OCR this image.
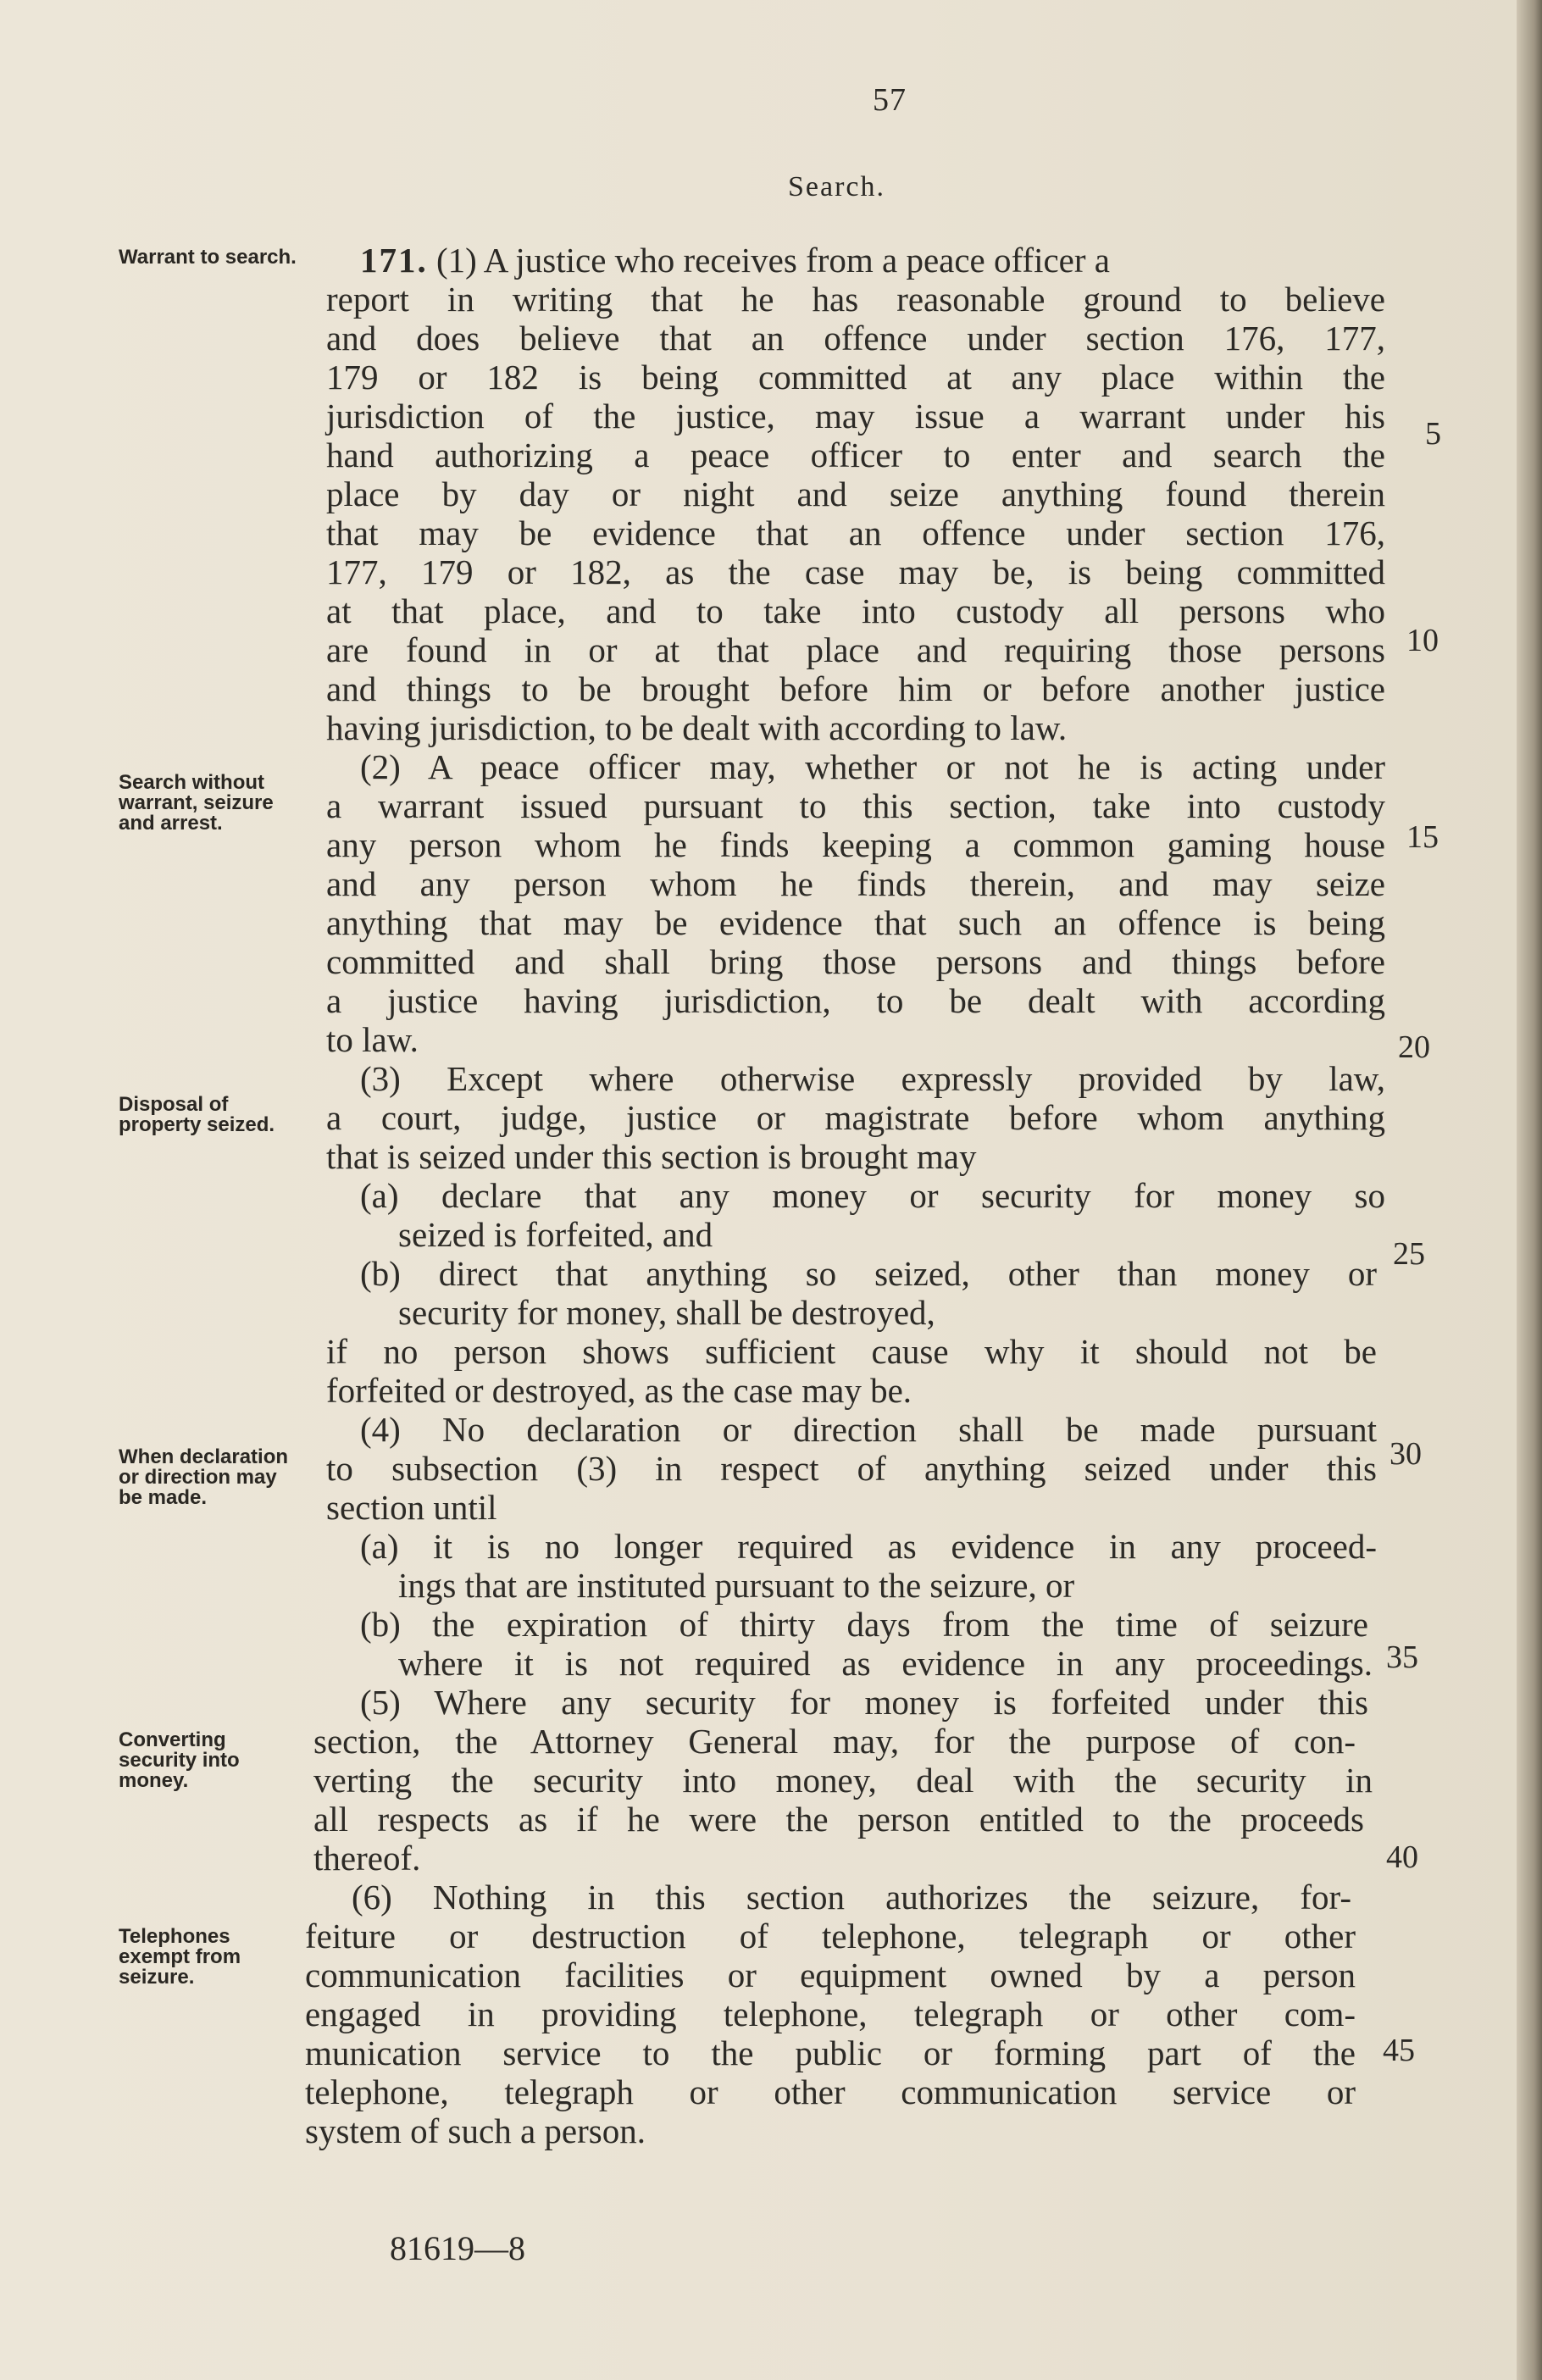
57
Search.
Warrant to search.
Search without warrant, seizure and arrest.
Disposal of property seized.
When declaration or direction may be made.
Converting security into money.
Telephones exempt from seizure.
171. (1) A justice who receives from a peace officer a
report in writing that he has reasonable ground to believe
and does believe that an offence under section 176, 177,
179 or 182 is being committed at any place within the
jurisdiction of the justice, may issue a warrant under his
hand authorizing a peace officer to enter and search the
place by day or night and seize anything found therein
that may be evidence that an offence under section 176,
177, 179 or 182, as the case may be, is being committed
at that place, and to take into custody all persons who
are found in or at that place and requiring those persons
and things to be brought before him or before another justice
having jurisdiction, to be dealt with according to law.
(2) A peace officer may, whether or not he is acting under
a warrant issued pursuant to this section, take into custody
any person whom he finds keeping a common gaming house
and any person whom he finds therein, and may seize
anything that may be evidence that such an offence is being
committed and shall bring those persons and things before
a justice having jurisdiction, to be dealt with according
to law.
(3) Except where otherwise expressly provided by law,
a court, judge, justice or magistrate before whom anything
that is seized under this section is brought may
(a) declare that any money or security for money so
seized is forfeited, and
(b) direct that anything so seized, other than money or
security for money, shall be destroyed,
if no person shows sufficient cause why it should not be
forfeited or destroyed, as the case may be.
(4) No declaration or direction shall be made pursuant
to subsection (3) in respect of anything seized under this
section until
(a) it is no longer required as evidence in any proceed-
ings that are instituted pursuant to the seizure, or
(b) the expiration of thirty days from the time of seizure
where it is not required as evidence in any proceedings.
(5) Where any security for money is forfeited under this
section, the Attorney General may, for the purpose of con-
verting the security into money, deal with the security in
all respects as if he were the person entitled to the proceeds
thereof.
(6) Nothing in this section authorizes the seizure, for-
feiture or destruction of telephone, telegraph or other
communication facilities or equipment owned by a person
engaged in providing telephone, telegraph or other com-
munication service to the public or forming part of the
telephone, telegraph or other communication service or
system of such a person.
5
10
15
20
25
30
35
40
45
81619—8
